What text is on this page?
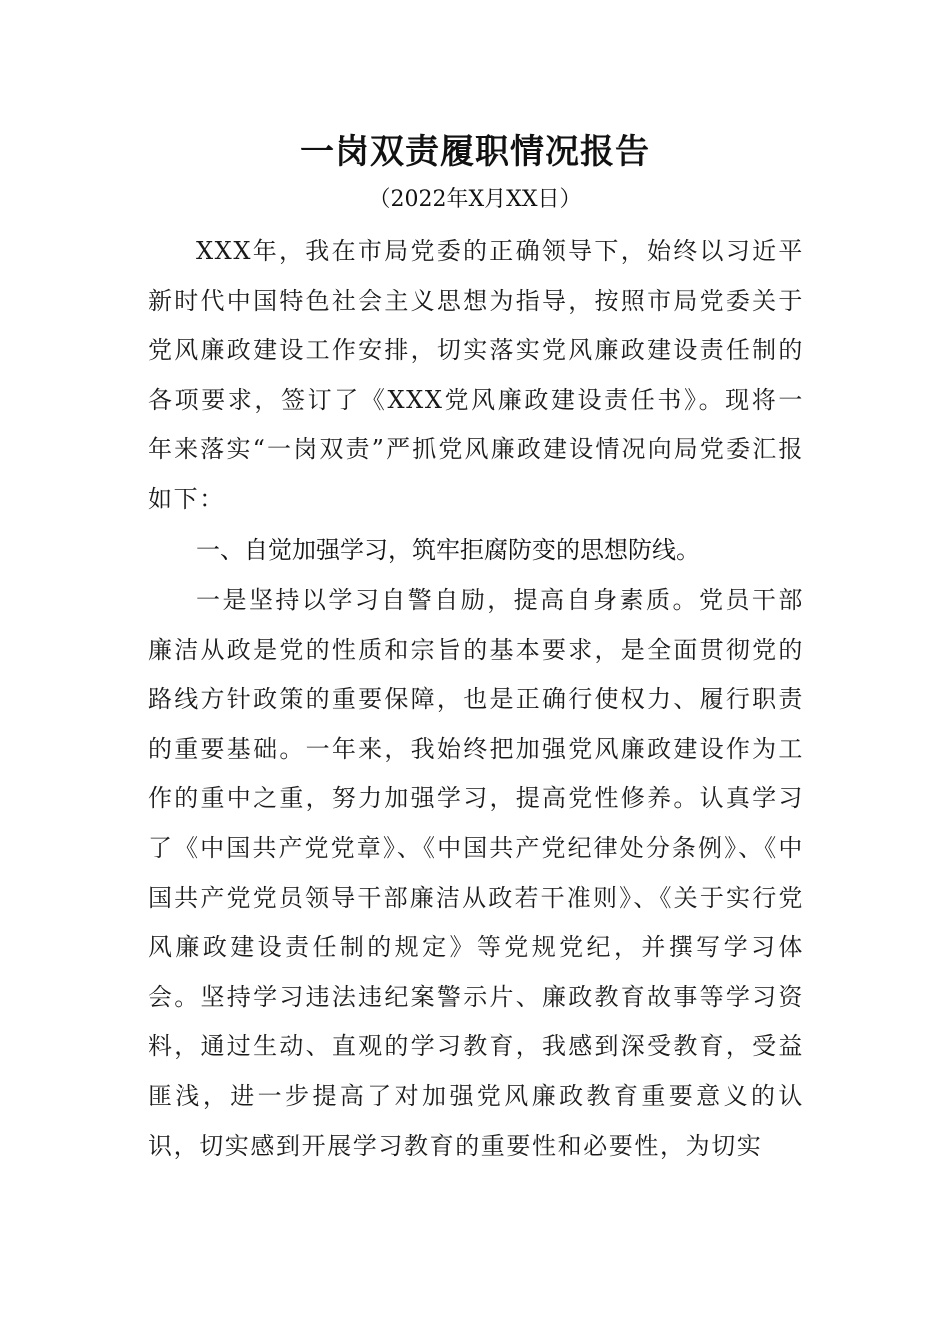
一岗双责履职情况报告
（2022年X月XX日）

XXX年，我在市局党委的正确领导下，始终以习近平新时代中国特色社会主义思想为指导，按照市局党委关于党风廉政建设工作安排，切实落实党风廉政建设责任制的各项要求，签订了《XXX党风廉政建设责任书》。现将一年来落实“一岗双责”严抓党风廉政建设情况向局党委汇报如下：

一、自觉加强学习，筑牢拒腐防变的思想防线。

一是坚持以学习自警自励，提高自身素质。党员干部廉洁从政是党的性质和宗旨的基本要求，是全面贯彻党的路线方针政策的重要保障，也是正确行使权力、履行职责的重要基础。一年来，我始终把加强党风廉政建设作为工作的重中之重，努力加强学习，提高党性修养。认真学习了《中国共产党党章》、《中国共产党纪律处分条例》、《中国共产党党员领导干部廉洁从政若干准则》、《关于实行党风廉政建设责任制的规定》等党规党纪，并撰写学习体会。坚持学习违法违纪案警示片、廉政教育故事等学习资料，通过生动、直观的学习教育，我感到深受教育，受益匪浅，进一步提高了对加强党风廉政教育重要意义的认识，切实感到开展学习教育的重要性和必要性，为切实
